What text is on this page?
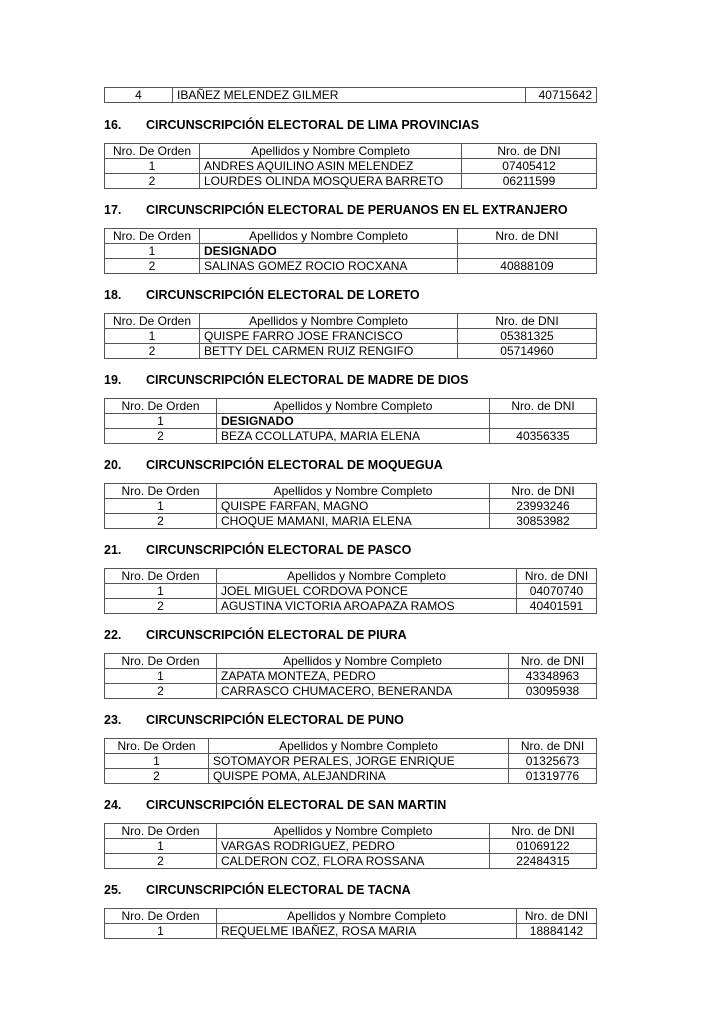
4	IBAÑEZ MELENDEZ GILMER	40715642
16. CIRCUNSCRIPCIÓN ELECTORAL DE LIMA PROVINCIAS
Nro. De Orden	Apellidos y Nombre Completo	Nro. de DNI
1	ANDRES AQUILINO ASIN MELENDEZ	07405412
2	LOURDES OLINDA MOSQUERA BARRETO	06211599
17. CIRCUNSCRIPCIÓN ELECTORAL DE PERUANOS EN EL EXTRANJERO
Nro. De Orden	Apellidos y Nombre Completo	Nro. de DNI
1	DESIGNADO	
2	SALINAS GOMEZ ROCIO ROCXANA	40888109
18. CIRCUNSCRIPCIÓN ELECTORAL DE LORETO
Nro. De Orden	Apellidos y Nombre Completo	Nro. de DNI
1	QUISPE FARRO JOSE FRANCISCO	05381325
2	BETTY DEL CARMEN RUIZ RENGIFO	05714960
19. CIRCUNSCRIPCIÓN ELECTORAL DE MADRE DE DIOS
Nro. De Orden	Apellidos y Nombre Completo	Nro. de DNI
1	DESIGNADO	
2	BEZA CCOLLATUPA, MARIA ELENA	40356335
20. CIRCUNSCRIPCIÓN ELECTORAL DE MOQUEGUA
Nro. De Orden	Apellidos y Nombre Completo	Nro. de DNI
1	QUISPE FARFAN, MAGNO	23993246
2	CHOQUE MAMANI, MARIA ELENA	30853982
21. CIRCUNSCRIPCIÓN ELECTORAL DE PASCO
Nro. De Orden	Apellidos y Nombre Completo	Nro. de DNI
1	JOEL MIGUEL CORDOVA PONCE	04070740
2	AGUSTINA VICTORIA AROAPAZA RAMOS	40401591
22. CIRCUNSCRIPCIÓN ELECTORAL DE PIURA
Nro. De Orden	Apellidos y Nombre Completo	Nro. de DNI
1	ZAPATA MONTEZA, PEDRO	43348963
2	CARRASCO CHUMACERO, BENERANDA	03095938
23. CIRCUNSCRIPCIÓN ELECTORAL DE PUNO
Nro. De Orden	Apellidos y Nombre Completo	Nro. de DNI
1	SOTOMAYOR PERALES, JORGE ENRIQUE	01325673
2	QUISPE POMA, ALEJANDRINA	01319776
24. CIRCUNSCRIPCIÓN ELECTORAL DE SAN MARTIN
Nro. De Orden	Apellidos y Nombre Completo	Nro. de DNI
1	VARGAS RODRIGUEZ, PEDRO	01069122
2	CALDERON COZ, FLORA ROSSANA	22484315
25. CIRCUNSCRIPCIÓN ELECTORAL DE TACNA
Nro. De Orden	Apellidos y Nombre Completo	Nro. de DNI
1	REQUELME IBAÑEZ, ROSA MARIA	18884142
